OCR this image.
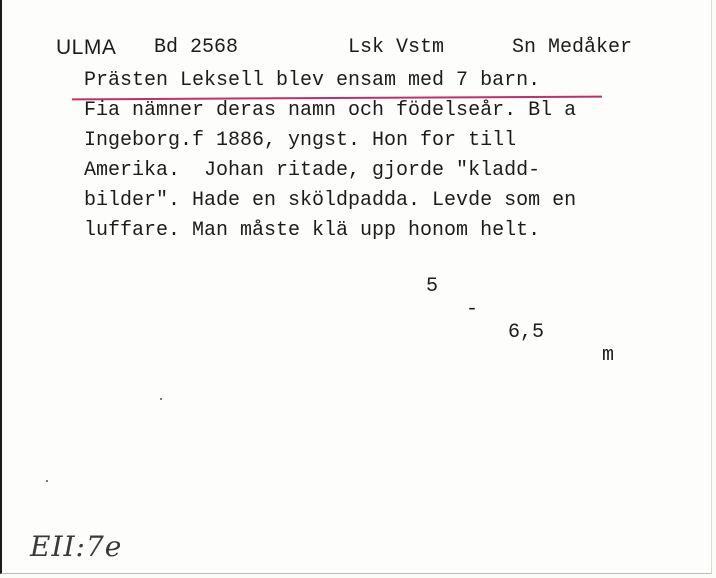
ULMA Bd 2568	Lsk Vstm	Sn Medåker
Prästen Leksell blev ensam med 7 barn.
Fia nämner deras namn och födelseår. Bl a
Ingeborg.f 1886, yngst. Hon for till
Amerika.  Johan ritade, gjorde "kladd-
bilder". Hade en sköldpadda. Levde som en
luffare. Man måste klä upp honom helt.

5

-

6,5

m

EII:7e
